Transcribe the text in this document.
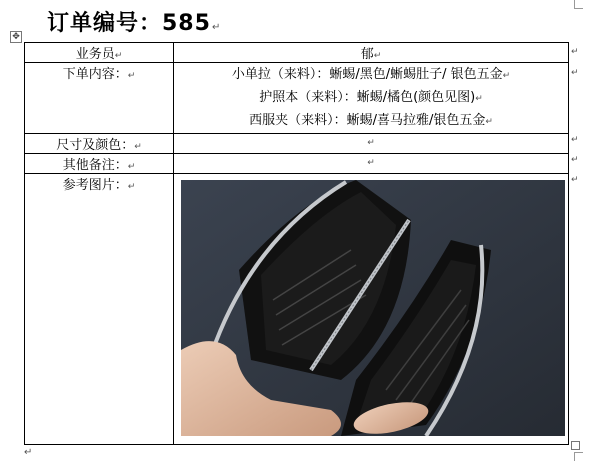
订单编号：585↵
✥
业务员↵	郁↵
下单内容：↵	小单拉（来料）：蜥蜴/黑色/蜥蜴肚子/ 银色五金↵
护照本（来料）：蜥蜴/橘色(颜色见图)↵
西服夹（来料）：蜥蜴/喜马拉雅/银色五金↵

尺寸及颜色：↵	↵
其他备注：↵	↵
参考图片：↵	
↵
↵
↵
↵
↵
↵
